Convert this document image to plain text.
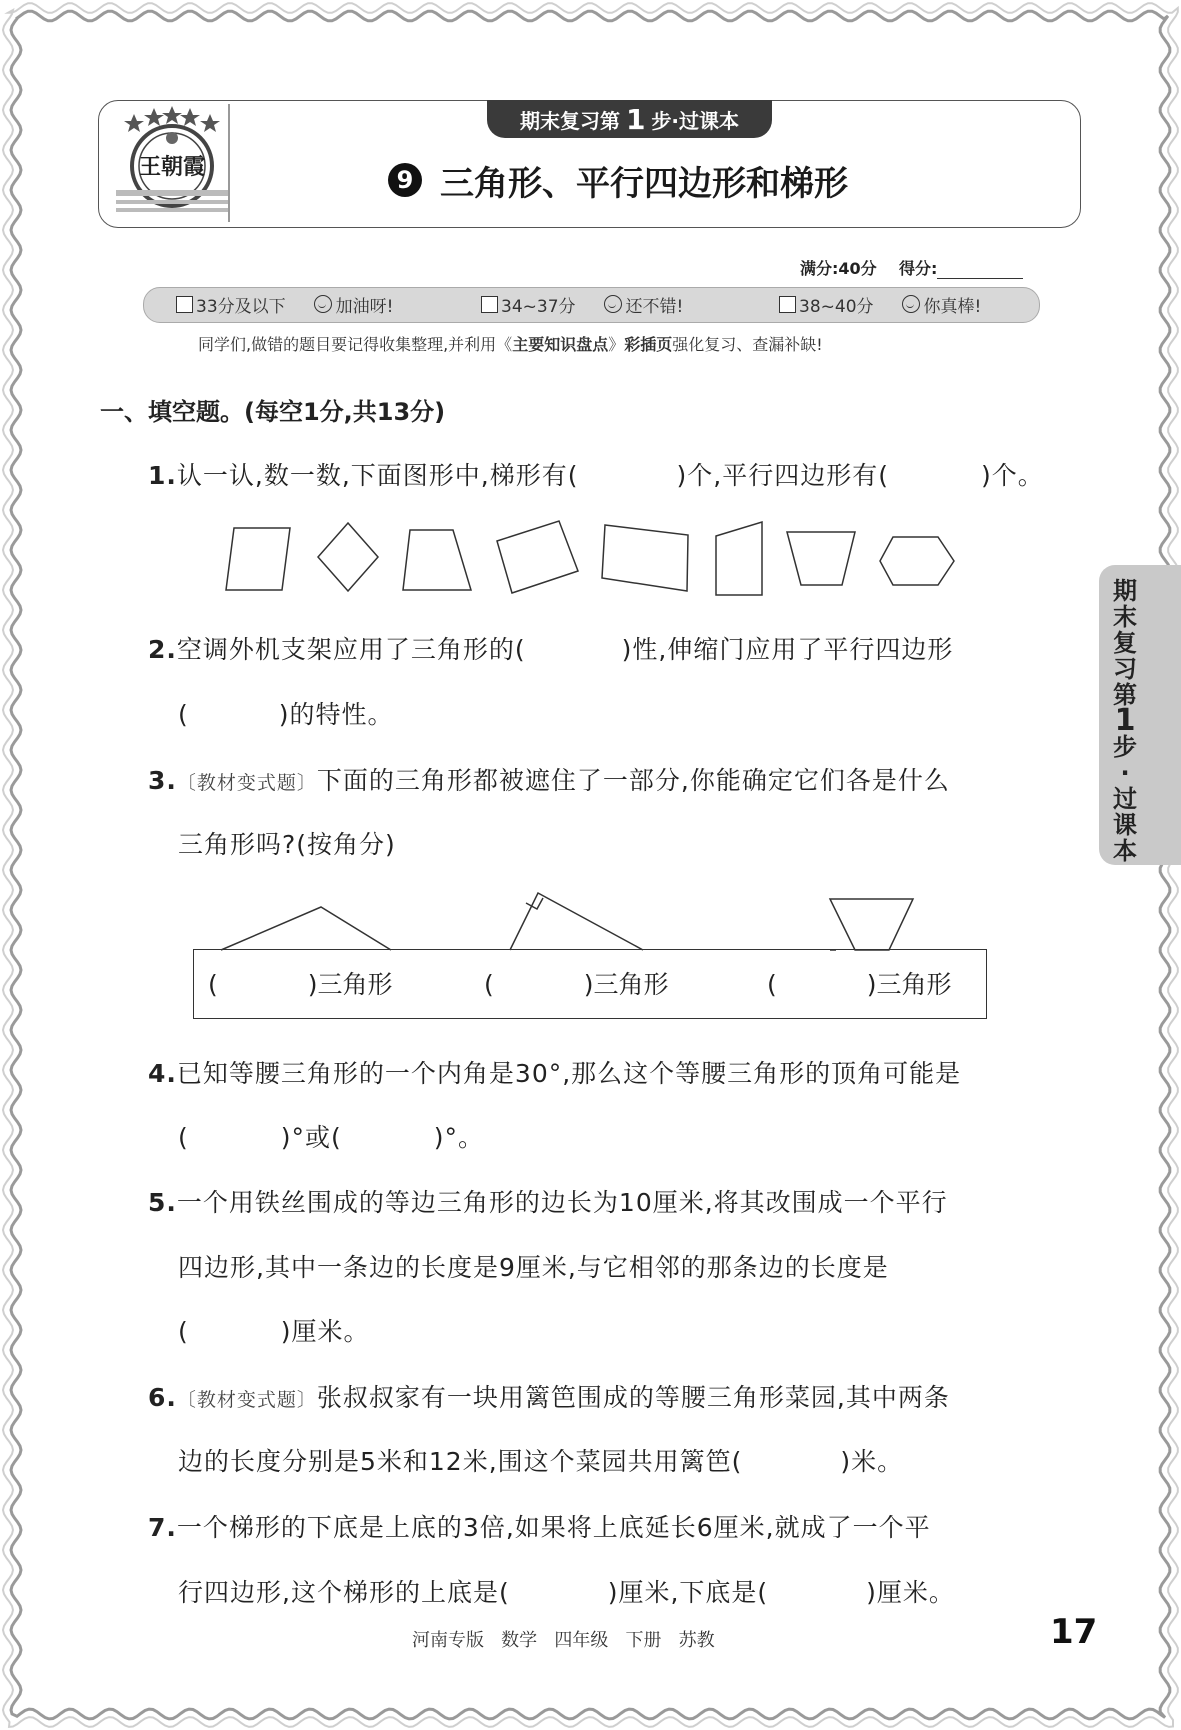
王朝霞
期末复习第 1 步·过课本
9 三角形、平行四边形和梯形
满分:40分 得分:
33分及以下	加油呀!	34~37分	还不错!	38~40分	你真棒!
同学们,做错的题目要记得收集整理,并利用《主要知识盘点》彩插页强化复习、查漏补缺!
一、填空题。(每空1分,共13分)
1.认一认,数一数,下面图形中,梯形有(	)个,平行四边形有(	)个。
2.空调外机支架应用了三角形的(	)性,伸缩门应用了平行四边形
(	)的特性。
3.〔教材变式题〕下面的三角形都被遮住了一部分,你能确定它们各是什么
三角形吗?(按角分)
(	)三角形	(	)三角形	(	)三角形
4.已知等腰三角形的一个内角是30°,那么这个等腰三角形的顶角可能是
(	)°或(	)°。
5.一个用铁丝围成的等边三角形的边长为10厘米,将其改围成一个平行
四边形,其中一条边的长度是9厘米,与它相邻的那条边的长度是
(	)厘米。
6.〔教材变式题〕张叔叔家有一块用篱笆围成的等腰三角形菜园,其中两条
边的长度分别是5米和12米,围这个菜园共用篱笆(	)米。
7.一个梯形的下底是上底的3倍,如果将上底延长6厘米,就成了一个平
行四边形,这个梯形的上底是(	)厘米,下底是(	)厘米。
期
末
复
习
第
1
步
·
过
课
本
河南专版   数学   四年级   下册   苏教	17
